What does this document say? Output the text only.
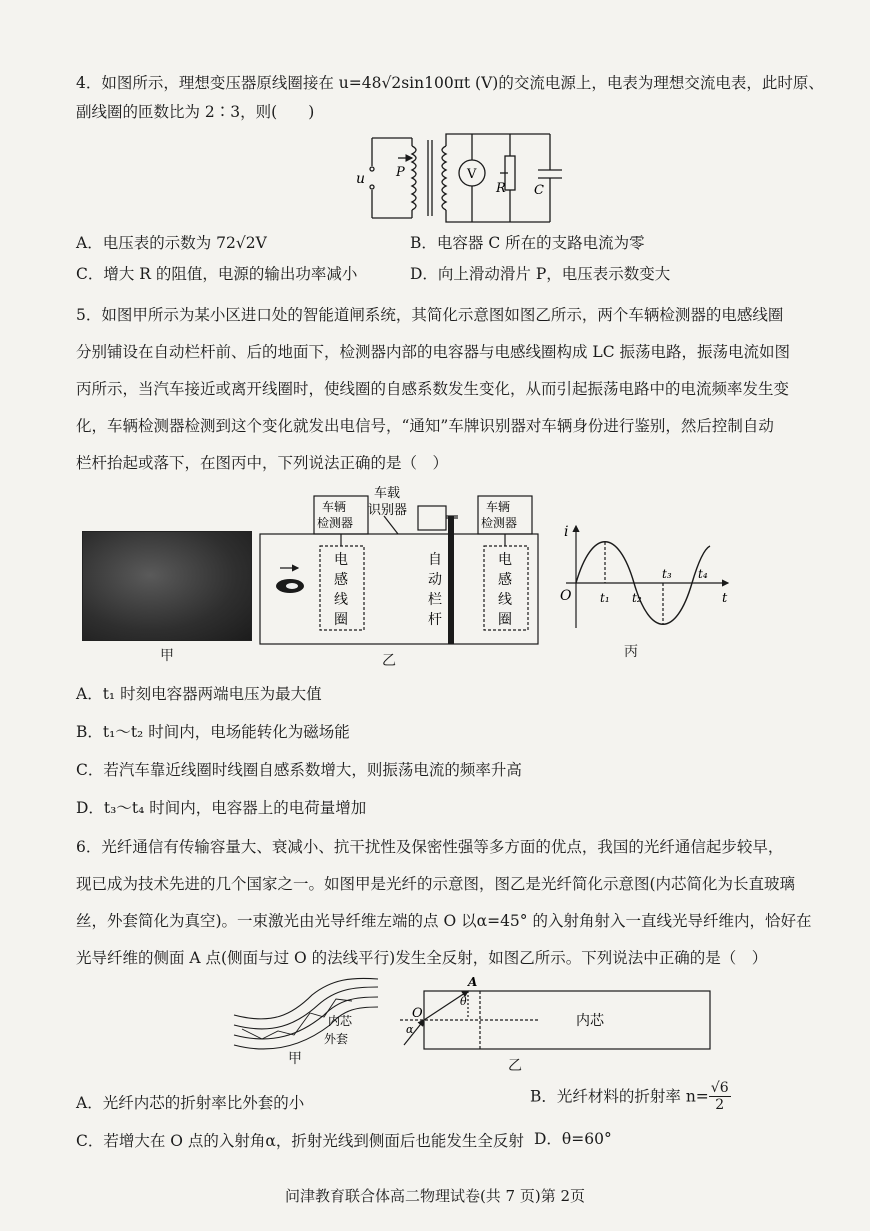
4．如图所示，理想变压器原线圈接在 u=48√2sin100πt (V)的交流电源上，电表为理想交流电表，此时原、
副线圈的匝数比为 2∶3，则(　　)
u P	V
R C
A．电压表的示数为 72√2V	B．电容器 C 所在的支路电流为零
C．增大 R 的阻值，电源的输出功率减小	D．向上滑动滑片 P，电压表示数变大
5．如图甲所示为某小区进口处的智能道闸系统，其简化示意图如图乙所示，两个车辆检测器的电感线圈
分别铺设在自动栏杆前、后的地面下，检测器内部的电容器与电感线圈构成 LC 振荡电路，振荡电流如图
丙所示，当汽车接近或离开线圈时，使线圈的自感系数发生变化，从而引起振荡电路中的电流频率发生变
化，车辆检测器检测到这个变化就发出电信号，“通知”车牌识别器对车辆身份进行鉴别，然后控制自动
栏杆抬起或落下，在图丙中，下列说法正确的是（　）
甲
车辆
检测器
车辆
检测器
车载
识别器
电
感
线
圈
自
动
栏
杆
电
感
线
圈
乙
i
O	t
t₁ t₂
t₃ t₄
丙
A．t₁ 时刻电容器两端电压为最大值
B．t₁～t₂ 时间内，电场能转化为磁场能
C．若汽车靠近线圈时线圈自感系数增大，则振荡电流的频率升高
D．t₃～t₄ 时间内，电容器上的电荷量增加
6．光纤通信有传输容量大、衰减小、抗干扰性及保密性强等多方面的优点，我国的光纤通信起步较早，
现已成为技术先进的几个国家之一。如图甲是光纤的示意图，图乙是光纤简化示意图(内芯简化为长直玻璃
丝，外套简化为真空)。一束激光由光导纤维左端的点 O 以α=45° 的入射角射入一直线光导纤维内，恰好在
光导纤维的侧面 A 点(侧面与过 O 的法线平行)发生全反射，如图乙所示。下列说法中正确的是（　）
内芯
外套
甲
A
O
θ
α
内芯
乙
A．光纤内芯的折射率比外套的小	B．光纤材料的折射率 $n= \frac{√6}{2}$
C．若增大在 O 点的入射角α，折射光线到侧面后也能发生全反射 D．θ=60°
问津教育联合体高二物理试卷(共 7 页)第 2页
